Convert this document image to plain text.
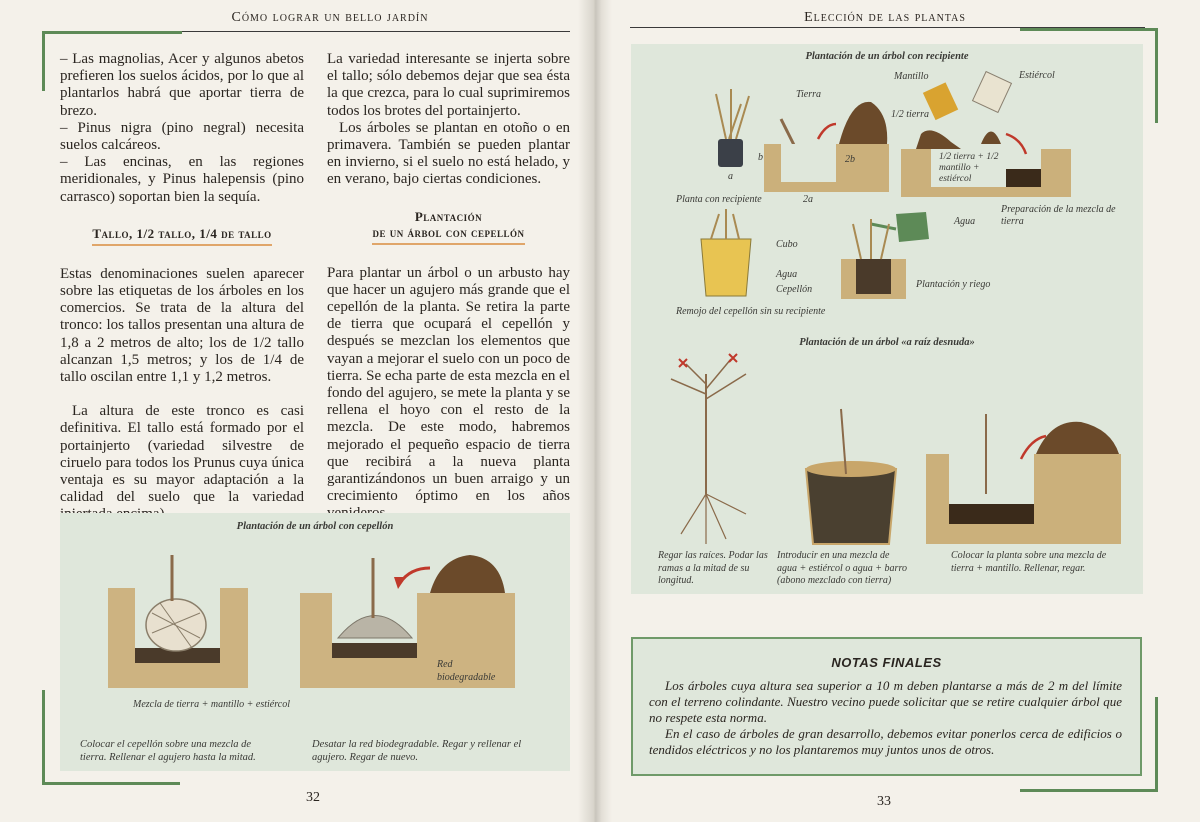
Cómo lograr un bello jardín

– Las magnolias, Acer y algunos abetos prefieren los suelos ácidos, por lo que al plantarlos habrá que aportar tierra de brezo.

– Pinus nigra (pino negral) necesita suelos calcáreos.

– Las encinas, en las regiones meridionales, y Pinus halepensis (pino carrasco) soportan bien la sequía.

Tallo, 1/2 tallo, 1/4 de tallo

Estas denominaciones suelen aparecer sobre las etiquetas de los árboles en los comercios. Se trata de la altura del tronco: los tallos presentan una altura de 1,8 a 2 metros de alto; los de 1/2 tallo alcanzan 1,5 metros; y los de 1/4 de tallo oscilan entre 1,1 y 1,2 metros.

La altura de este tronco es casi definitiva. El tallo está formado por el portainjerto (variedad silvestre de ciruelo para todos los Prunus cuya única ventaja es su mayor adaptación a la calidad del suelo que la variedad

La variedad interesante se injerta sobre el tallo; sólo debemos dejar que sea ésta la que crezca, para lo cual suprimiremos todos los brotes del portainjerto.

Los árboles se plantan en otoño o en primavera. También se pueden plantar en invierno, si el suelo no está helado, y en verano, bajo ciertas condiciones.

Plantación
de un árbol con cepellón

Para plantar un árbol o un arbusto hay que hacer un agujero más grande que el cepellón de la planta. Se retira la parte de tierra que ocupará el cepellón y después se mezclan los elementos que vayan a mejorar el suelo con un poco de tierra. Se echa parte de esta mezcla en el fondo del agujero, se mete la planta y se rellena el hoyo con el resto de la mezcla. De este modo, habremos mejorado el pequeño espacio de tierra que recibirá a la nueva planta garantizándonos un buen arraigo y un crecimiento óptimo en los años

Plantación de un árbol con cepellón
Mezcla de tierra + mantillo + estiércol
Red biodegradable
Colocar el cepellón sobre una mezcla de tierra. Rellenar el agujero hasta la mitad.
Desatar la red biodegradable. Regar y rellenar el agujero. Regar de nuevo.
32
Elección de las plantas
Plantación de un árbol con recipiente
Mantillo	Estiércol
Tierra
1/2 tierra
1/2 tierra + 1/2 mantillo + estiércol
a
b	2b
2a
Planta con recipiente
Preparación de la mezcla de tierra
Cubo
Agua
Cepellón
Agua
Remojo del cepellón sin su recipiente
Plantación y riego
Plantación de un árbol «a raíz desnuda»
Regar las raíces. Podar las ramas a la mitad de su longitud.
Introducir en una mezcla de agua + estiércol o agua + barro (abono mezclado con tierra)
Colocar la planta sobre una mezcla de tierra + mantillo. Rellenar, regar.
NOTAS FINALES

Los árboles cuya altura sea superior a 10 m deben plantarse a más de 2 m del límite con el terreno colindante. Nuestro vecino puede solicitar que se retire cualquier árbol que no respete esta norma.

En el caso de árboles de gran desarrollo, debemos evitar ponerlos cerca de edificios o tendidos eléctricos y no los plantaremos muy juntos unos de otros.

33
